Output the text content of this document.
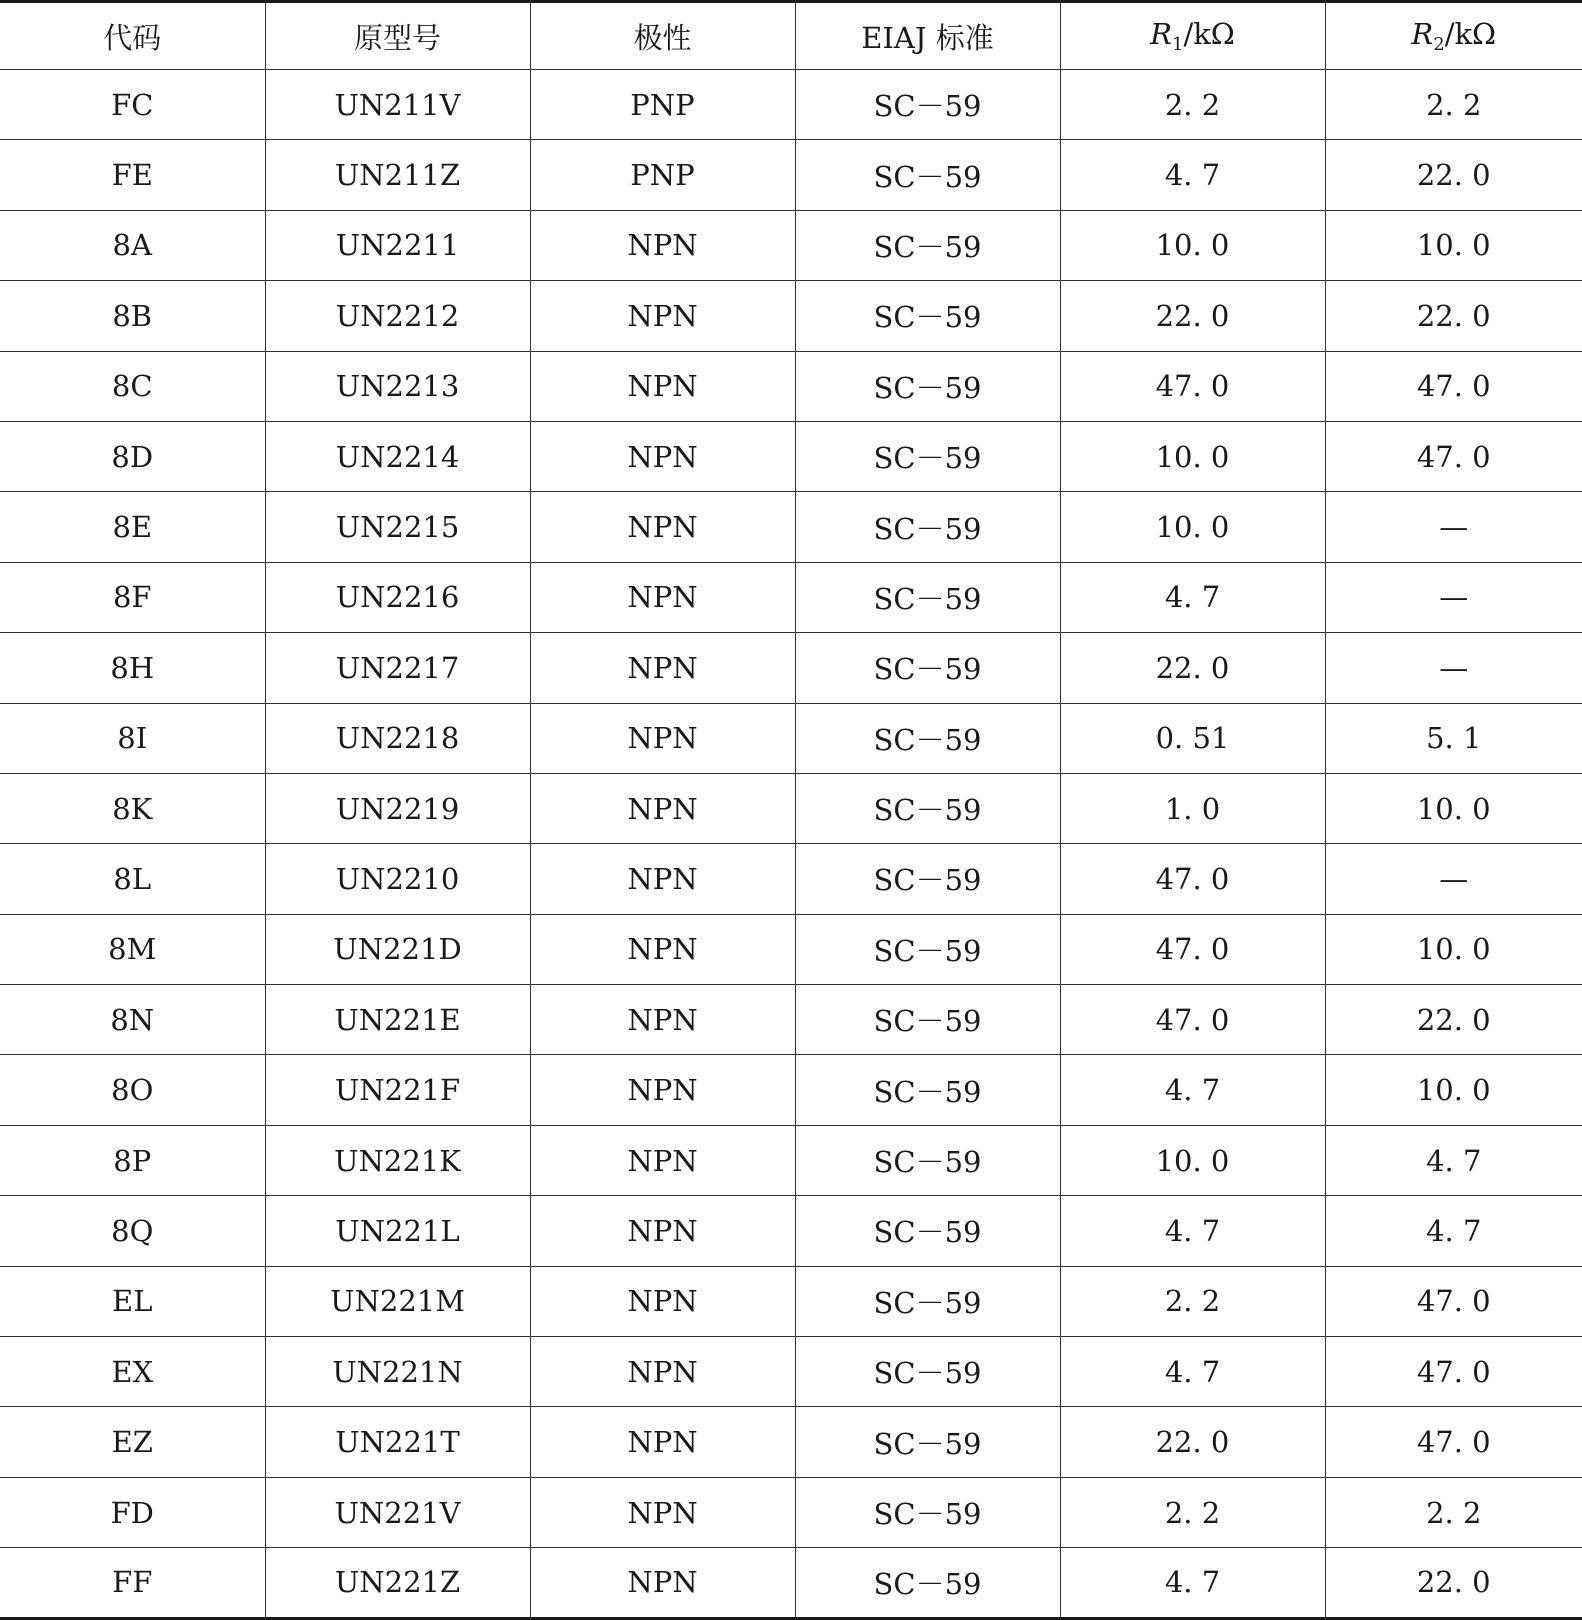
代码	原型号	极性	EIAJ 标准	$R_1/k\Omega$	$R_2/k\Omega$
FC	UN211V	PNP	SC－59	2. 2	2. 2
FE	UN211Z	PNP	SC－59	4. 7	22. 0
8A	UN2211	NPN	SC－59	10. 0	10. 0
8B	UN2212	NPN	SC－59	22. 0	22. 0
8C	UN2213	NPN	SC－59	47. 0	47. 0
8D	UN2214	NPN	SC－59	10. 0	47. 0
8E	UN2215	NPN	SC－59	10. 0	—
8F	UN2216	NPN	SC－59	4. 7	—
8H	UN2217	NPN	SC－59	22. 0	—
8I	UN2218	NPN	SC－59	0. 51	5. 1
8K	UN2219	NPN	SC－59	1. 0	10. 0
8L	UN2210	NPN	SC－59	47. 0	—
8M	UN221D	NPN	SC－59	47. 0	10. 0
8N	UN221E	NPN	SC－59	47. 0	22. 0
8O	UN221F	NPN	SC－59	4. 7	10. 0
8P	UN221K	NPN	SC－59	10. 0	4. 7
8Q	UN221L	NPN	SC－59	4. 7	4. 7
EL	UN221M	NPN	SC－59	2. 2	47. 0
EX	UN221N	NPN	SC－59	4. 7	47. 0
EZ	UN221T	NPN	SC－59	22. 0	47. 0
FD	UN221V	NPN	SC－59	2. 2	2. 2
FF	UN221Z	NPN	SC－59	4. 7	22. 0
